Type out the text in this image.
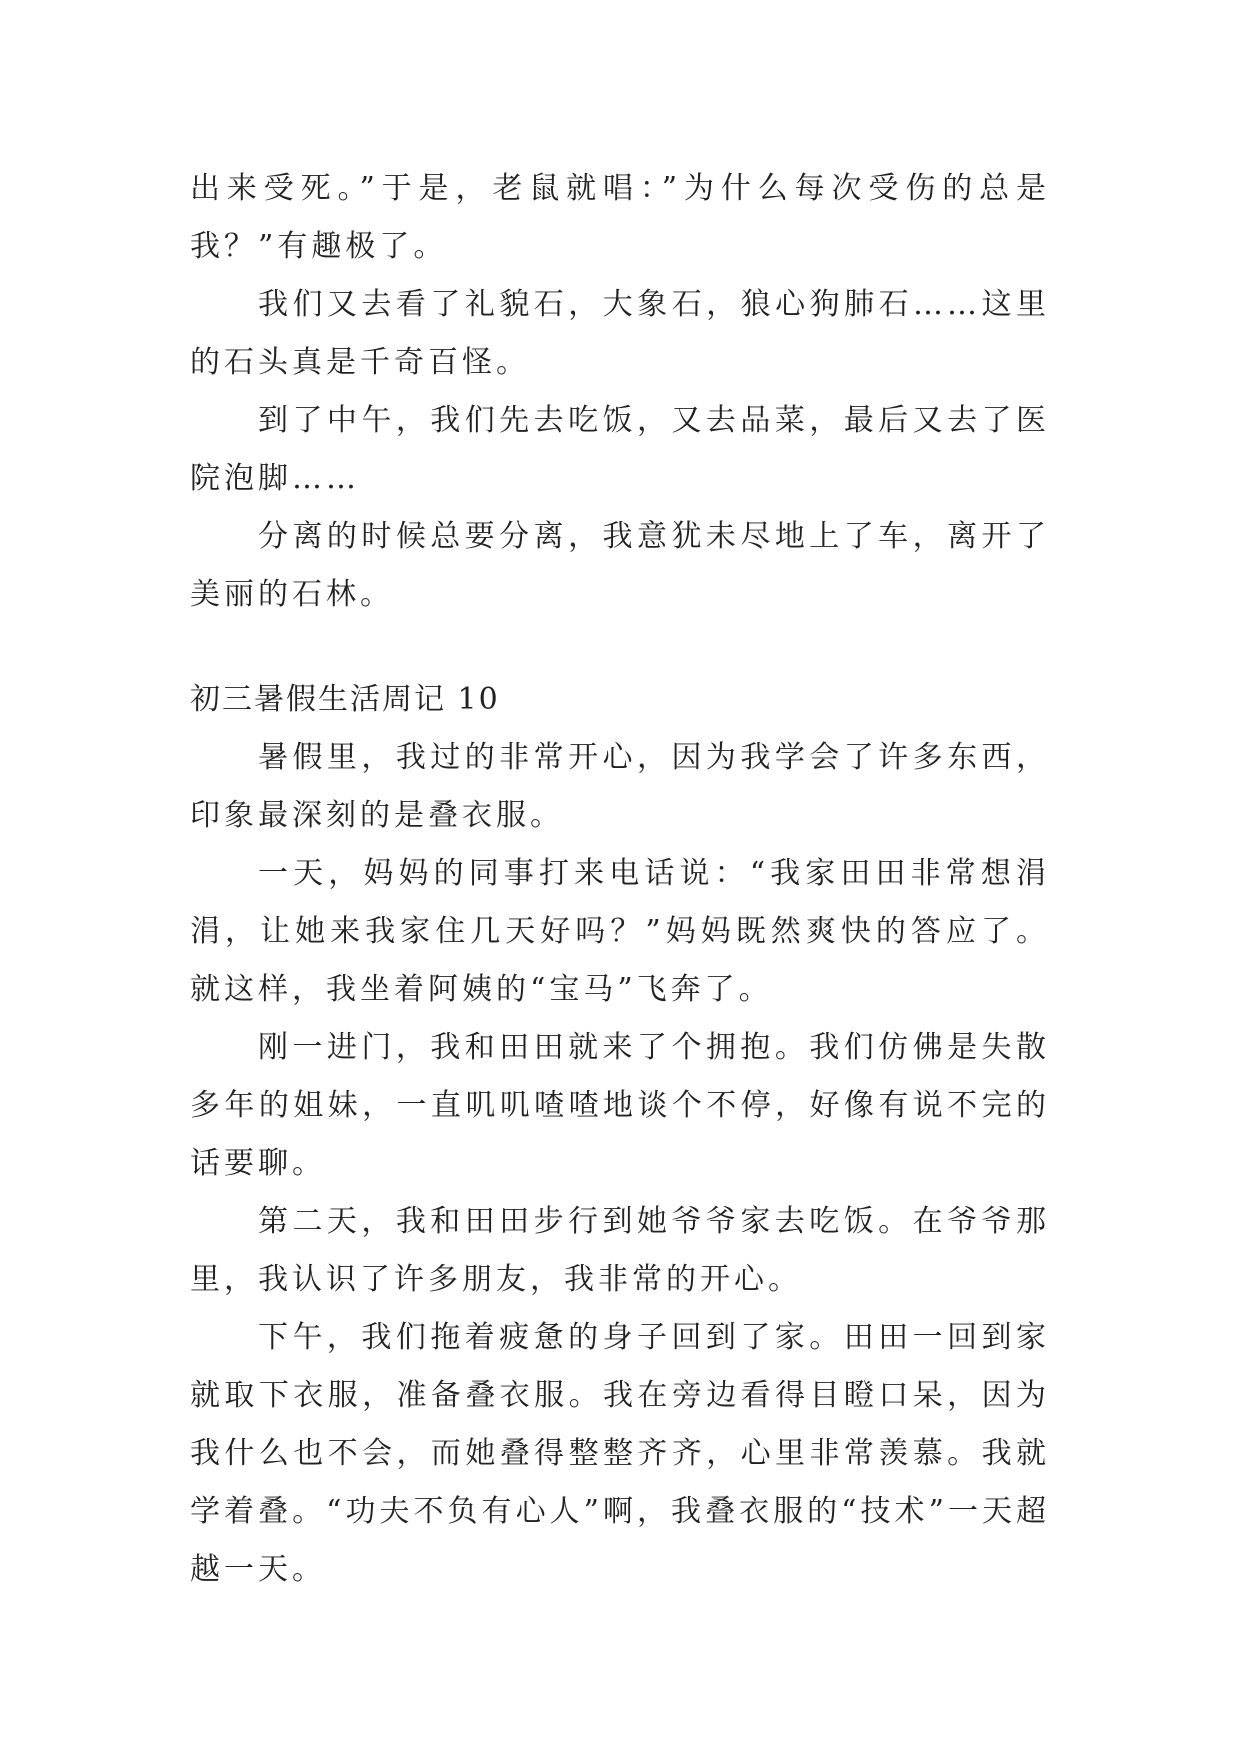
出来受死。”于是，老鼠就唱：”为什么每次受伤的总是我？”有趣极了。

我们又去看了礼貌石，大象石，狼心狗肺石……这里的石头真是千奇百怪。

到了中午，我们先去吃饭，又去品菜，最后又去了医院泡脚……

分离的时候总要分离，我意犹未尽地上了车，离开了美丽的石林。

初三暑假生活周记 10

暑假里，我过的非常开心，因为我学会了许多东西，印象最深刻的是叠衣服。

一天，妈妈的同事打来电话说：“我家田田非常想涓涓，让她来我家住几天好吗？”妈妈既然爽快的答应了。就这样，我坐着阿姨的“宝马”飞奔了。

刚一进门，我和田田就来了个拥抱。我们仿佛是失散多年的姐妹，一直叽叽喳喳地谈个不停，好像有说不完的话要聊。

第二天，我和田田步行到她爷爷家去吃饭。在爷爷那里，我认识了许多朋友，我非常的开心。

下午，我们拖着疲惫的身子回到了家。田田一回到家就取下衣服，准备叠衣服。我在旁边看得目瞪口呆，因为我什么也不会，而她叠得整整齐齐，心里非常羡慕。我就学着叠。“功夫不负有心人”啊，我叠衣服的“技术”一天超越一天。
